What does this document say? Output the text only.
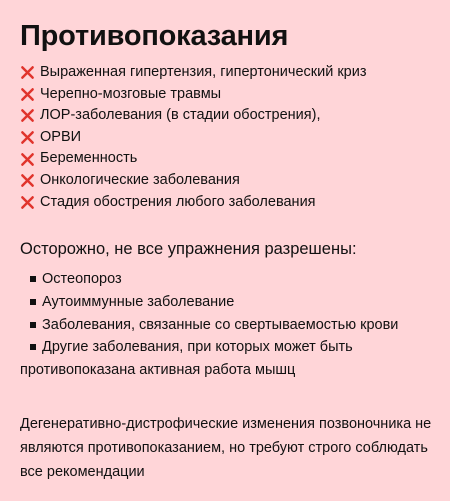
Противопоказания
Выраженная гипертензия, гипертонический криз
Черепно-мозговые травмы
ЛОР-заболевания (в стадии обострения),
ОРВИ
Беременность
Онкологические заболевания
Стадия обострения любого заболевания

Осторожно, не все упражнения разрешены:

Остеопороз
Аутоиммунные заболевание
Заболевания, связанные со свертываемостью крови
Другие заболевания, при которых может быть противопоказана активная работа мышц

Дегенеративно-дистрофические изменения позвоночника не являются противопоказанием, но требуют строго соблюдать все рекомендации
